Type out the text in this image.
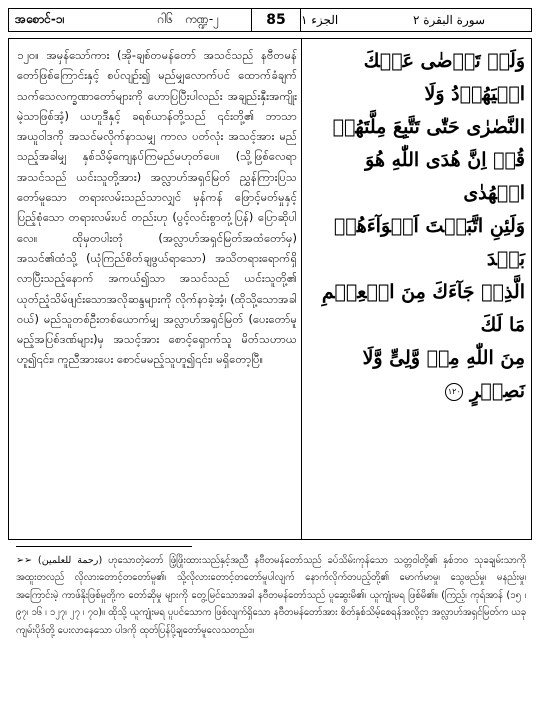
အစောင်-၁၊	ဂါ၆	ကဏ္ဍ-၂	85	الجزء ١	سورة البقرة ٢

၁၂၀။ အမှန်သော်ကား (အို-ချစ်တမန်တော် အသင်သည် နဗီတမန်တော်ဖြစ်ကြောင်းနှင့် စပ်လျဉ်း၍ မည်မျှလောက်ပင် ထောက်ခံချက် သက်သေလက္ခဏာတော်များကို ဟောပြပြီးပါလည်း အချည်းနှီးအကျိုးမဲ့သာဖြစ်အံ့) ယဟူဒီနှင့် ခရစ်ယာန်တို့သည် ၎င်းတို့၏ ဘာသာအယူဝါဒကို အသင်မလိုက်နာသမျှ ကာလ ပတ်လုံး အသင့်အား မည်သည့်အခါမျှ နှစ်သိမ့်ကျေနပ်ကြမည်မဟုတ်ပေ။ (သို့ဖြစ်လေရာ အသင်သည် ယင်းသူတို့အား) အလ္လာဟ်အရှင်မြတ် ညွှန်ကြားပြသတော်မူသော တရားလမ်းသည်သာလျှင် မှန်ကန် ဖြောင့်မတ်မှုနှင့်ပြည့်စုံသော တရားလမ်းပင် တည်းဟု (ပွင့်လင်းစွာတုံ့ပြန်) ပြောဆိုပါလေ။ ထိုမှတပါးတုံ (အလ္လာဟ်အရှင်မြတ်အထံတော်မှ) အသင်၏ထံသို့ (ယုံကြည်စိတ်ချဖွယ်ရာသော) အသိတရားရောက်ရှိလာပြီးသည့်နောက် အကယ်၍သာ အသင်သည် ယင်းသူတို့၏ ယုတ်ညံ့သိမ်ဖျင်းသောအလိုဆန္ဒများကို လိုက်နာခဲ့အံ့၊ (ထိုသို့သောအခါဝယ်) မည်သူတစ်ဦးတစ်ယောက်မျှ အလ္လာဟ်အရှင်မြတ် (ပေးတော်မူမည့်အပြစ်ဒဏ်များ)မှ အသင့်အား စောင့်ရှောက်သူ မိတ်သဟာယဟူ၍၎င်း၊ ကူညီအားပေး စောင်မမည့်သူဟူ၍၎င်း၊ မရှိတော့ပြီ။

وَلَنۡ تَرۡضٰى عَنۡكَ الۡيَهُوۡدُ وَلَا
النَّصٰرٰى حَتّٰى تَتَّبِعَ مِلَّتَهُمۡ
قُلۡ اِنَّ هُدَى اللّٰهِ هُوَ الۡهُدٰى
وَلَئِنِ اتَّبَعۡتَ اَهۡوَآءَهُمۡ بَعۡدَ
الَّذِىۡ جَآءَكَ مِنَ الۡعِلۡمِ مَا لَكَ
مِنَ اللّٰهِ مِنۡ وَّلِىٍّ وَّلَا نَصِيۡرٍ ١٢٠

➢➢ (رحمة للعلمين) ဟုသောတဲ့တော် ဖြံ့ဖြိုးထားသည်နှင့်အညီ နဗီတမန်တော်သည် ခပ်သိမ်းကုန်သော သတ္တဝါတို့၏ နှစ်ဘဝ သုခချမ်းသာကို အထူးတလည် လိုလားတောင့်တတော်မူ၏၊ သို့လိုလားတောင့်တတော်မူပါလျက် နောက်လိုက်တပည့်တို့၏ မောက်မာမှု၊ သွေဖည်မှု၊ မနည်းမှု၊ အကြောင်းမဲ့ ကာဖ်နိုးဖြစ်မှုတို့က တော်ဆိုမှု များကို တွေ့မြင်သောအခါ နဗီတမန်တော်သည် ပူဆွေးမိ၏၊ ယူကျုံးမရ ဖြစ်မိ၏။ (ကြည့်၊ ကုရ်အာန် (၁၅ ၊ ၉၇၊ ၁၆ ၊ ၁၂၇၊ ၂၇ ၊ ၇၀)။ ထိုသို့ ယူကျုံးမရ ပူပင်သောက ဖြစ်လျက်ရှိသော နဗီတမန်တော်အား စိတ်နှစ်သိမ့်စေရန်အလို့ငှာ အလ္လာဟ်အရှင်မြတ်က ယခု ကျမ်းပိုဒ်တို့ ပေးလာနေသော ပါဒကို ထုတ်ပြန်ပို့ချတော်မူလေသတည်း။
